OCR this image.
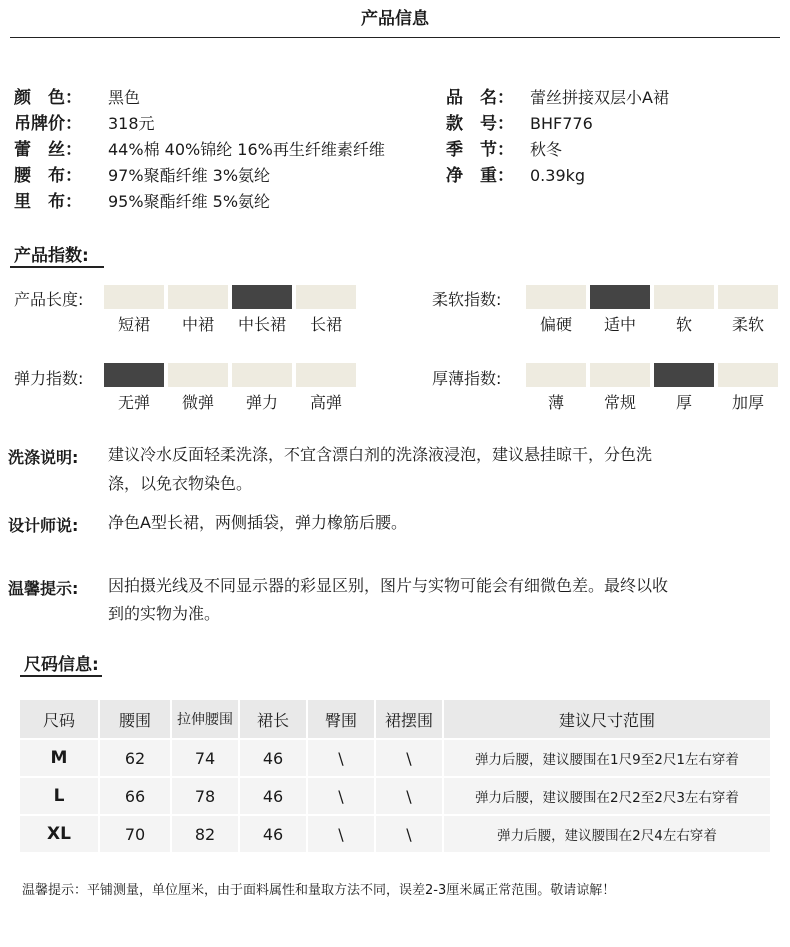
产品信息
颜　色： 黑色
吊牌价： 318元
蕾　丝： 44%棉 40%锦纶 16%再生纤维素纤维
腰　布： 97%聚酯纤维 3%氨纶
里　布： 95%聚酯纤维 5%氨纶
品　名： 蕾丝拼接双层小A裙
款　号： BHF776
季　节： 秋冬
净　重： 0.39kg
产品指数:
产品长度:
短裙	中裙	中长裙	长裙
柔软指数:
偏硬	适中	软	柔软
弹力指数:
无弹	微弹	弹力	高弹
厚薄指数:
薄	常规	厚	加厚
洗涤说明: 建议冷水反面轻柔洗涤，不宜含漂白剂的洗涤液浸泡，建议悬挂晾干，分色洗
涤，以免衣物染色。
设计师说: 净色A型长裙，两侧插袋，弹力橡筋后腰。
温馨提示: 因拍摄光线及不同显示器的彩显区别，图片与实物可能会有细微色差。最终以收
到的实物为准。
尺码信息:
尺码	腰围	拉伸腰围	裙长	臀围	裙摆围	建议尺寸范围
M	62	74	46	\	\	弹力后腰，建议腰围在1尺9至2尺1左右穿着
L	66	78	46	\	\	弹力后腰，建议腰围在2尺2至2尺3左右穿着
XL	70	82	46	\	\	弹力后腰，建议腰围在2尺4左右穿着
温馨提示：平铺测量，单位厘米，由于面料属性和量取方法不同，误差2-3厘米属正常范围。敬请谅解！
